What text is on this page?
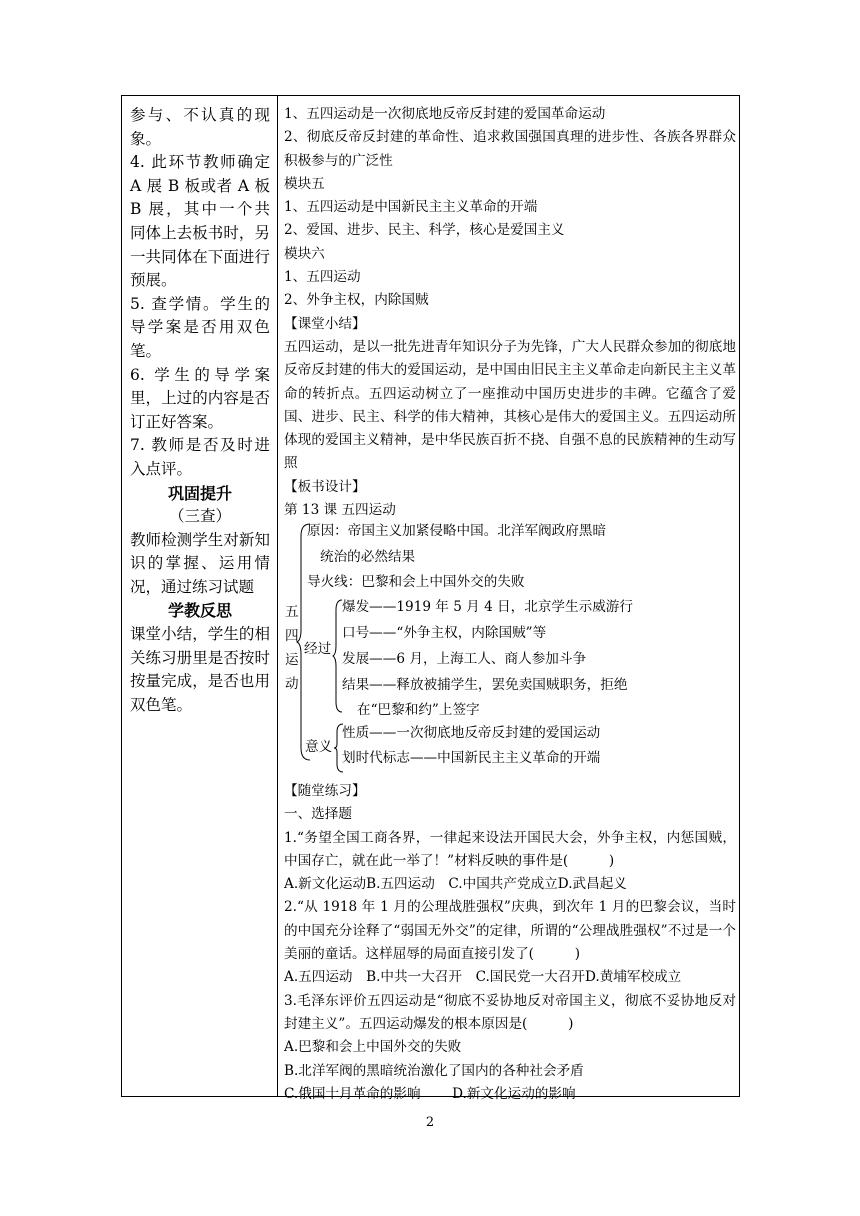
参与、不认真的现象。
4. 此环节教师确定 A 展 B 板或者 A 板 B 展，其中一个共同体上去板书时，另一共同体在下面进行预展。
5. 查学情。学生的导学案是否用双色笔。
6. 学生的导学案里，上过的内容是否订正好答案。
7. 教师是否及时进入点评。
巩固提升
（三查）
教师检测学生对新知识的掌握、运用情况，通过练习试题
学教反思
课堂小结，学生的相关练习册里是否按时按量完成，是否也用双色笔。
1、五四运动是一次彻底地反帝反封建的爱国革命运动
2、彻底反帝反封建的革命性、追求救国强国真理的进步性、各族各界群众积极参与的广泛性
模块五
1、五四运动是中国新民主主义革命的开端
2、爱国、进步、民主、科学，核心是爱国主义
模块六
1、五四运动
2、外争主权，内除国贼
【课堂小结】
五四运动，是以一批先进青年知识分子为先锋，广大人民群众参加的彻底地反帝反封建的伟大的爱国运动，是中国由旧民主主义革命走向新民主主义革命的转折点。五四运动树立了一座推动中国历史进步的丰碑。它蕴含了爱国、进步、民主、科学的伟大精神，其核心是伟大的爱国主义。五四运动所体现的爱国主义精神，是中华民族百折不挠、自强不息的民族精神的生动写照
【板书设计】
第 13 课 五四运动
五四运动
原因：帝国主义加紧侵略中国。北洋军阀政府黑暗
统治的必然结果
导火线：巴黎和会上中国外交的失败
经过
爆发——1919 年 5 月 4 日，北京学生示威游行
口号——“外争主权，内除国贼”等
发展——6 月，上海工人、商人参加斗争
结果——释放被捕学生，罢免卖国贼职务，拒绝
在“巴黎和约”上签字
意义
性质——一次彻底地反帝反封建的爱国运动
划时代标志——中国新民主主义革命的开端
【随堂练习】
一、选择题
1.“务望全国工商各界，一律起来设法开国民大会，外争主权，内惩国贼，中国存亡，就在此一举了！”材料反映的事件是(　　　)
A.新文化运动B.五四运动　C.中国共产党成立D.武昌起义
2.“从 1918 年 1 月的公理战胜强权”庆典，到次年 1 月的巴黎会议，当时的中国充分诠释了“弱国无外交”的定律，所谓的“公理战胜强权”不过是一个美丽的童话。这样屈辱的局面直接引发了(　　　)
A.五四运动　B.中共一大召开　C.国民党一大召开D.黄埔军校成立
3.毛泽东评价五四运动是“彻底不妥协地反对帝国主义，彻底不妥协地反对封建主义”。五四运动爆发的根本原因是(　　　)
A.巴黎和会上中国外交的失败
B.北洋军阀的黑暗统治激化了国内的各种社会矛盾
C.俄国十月革命的影响　　 D.新文化运动的影响
2
